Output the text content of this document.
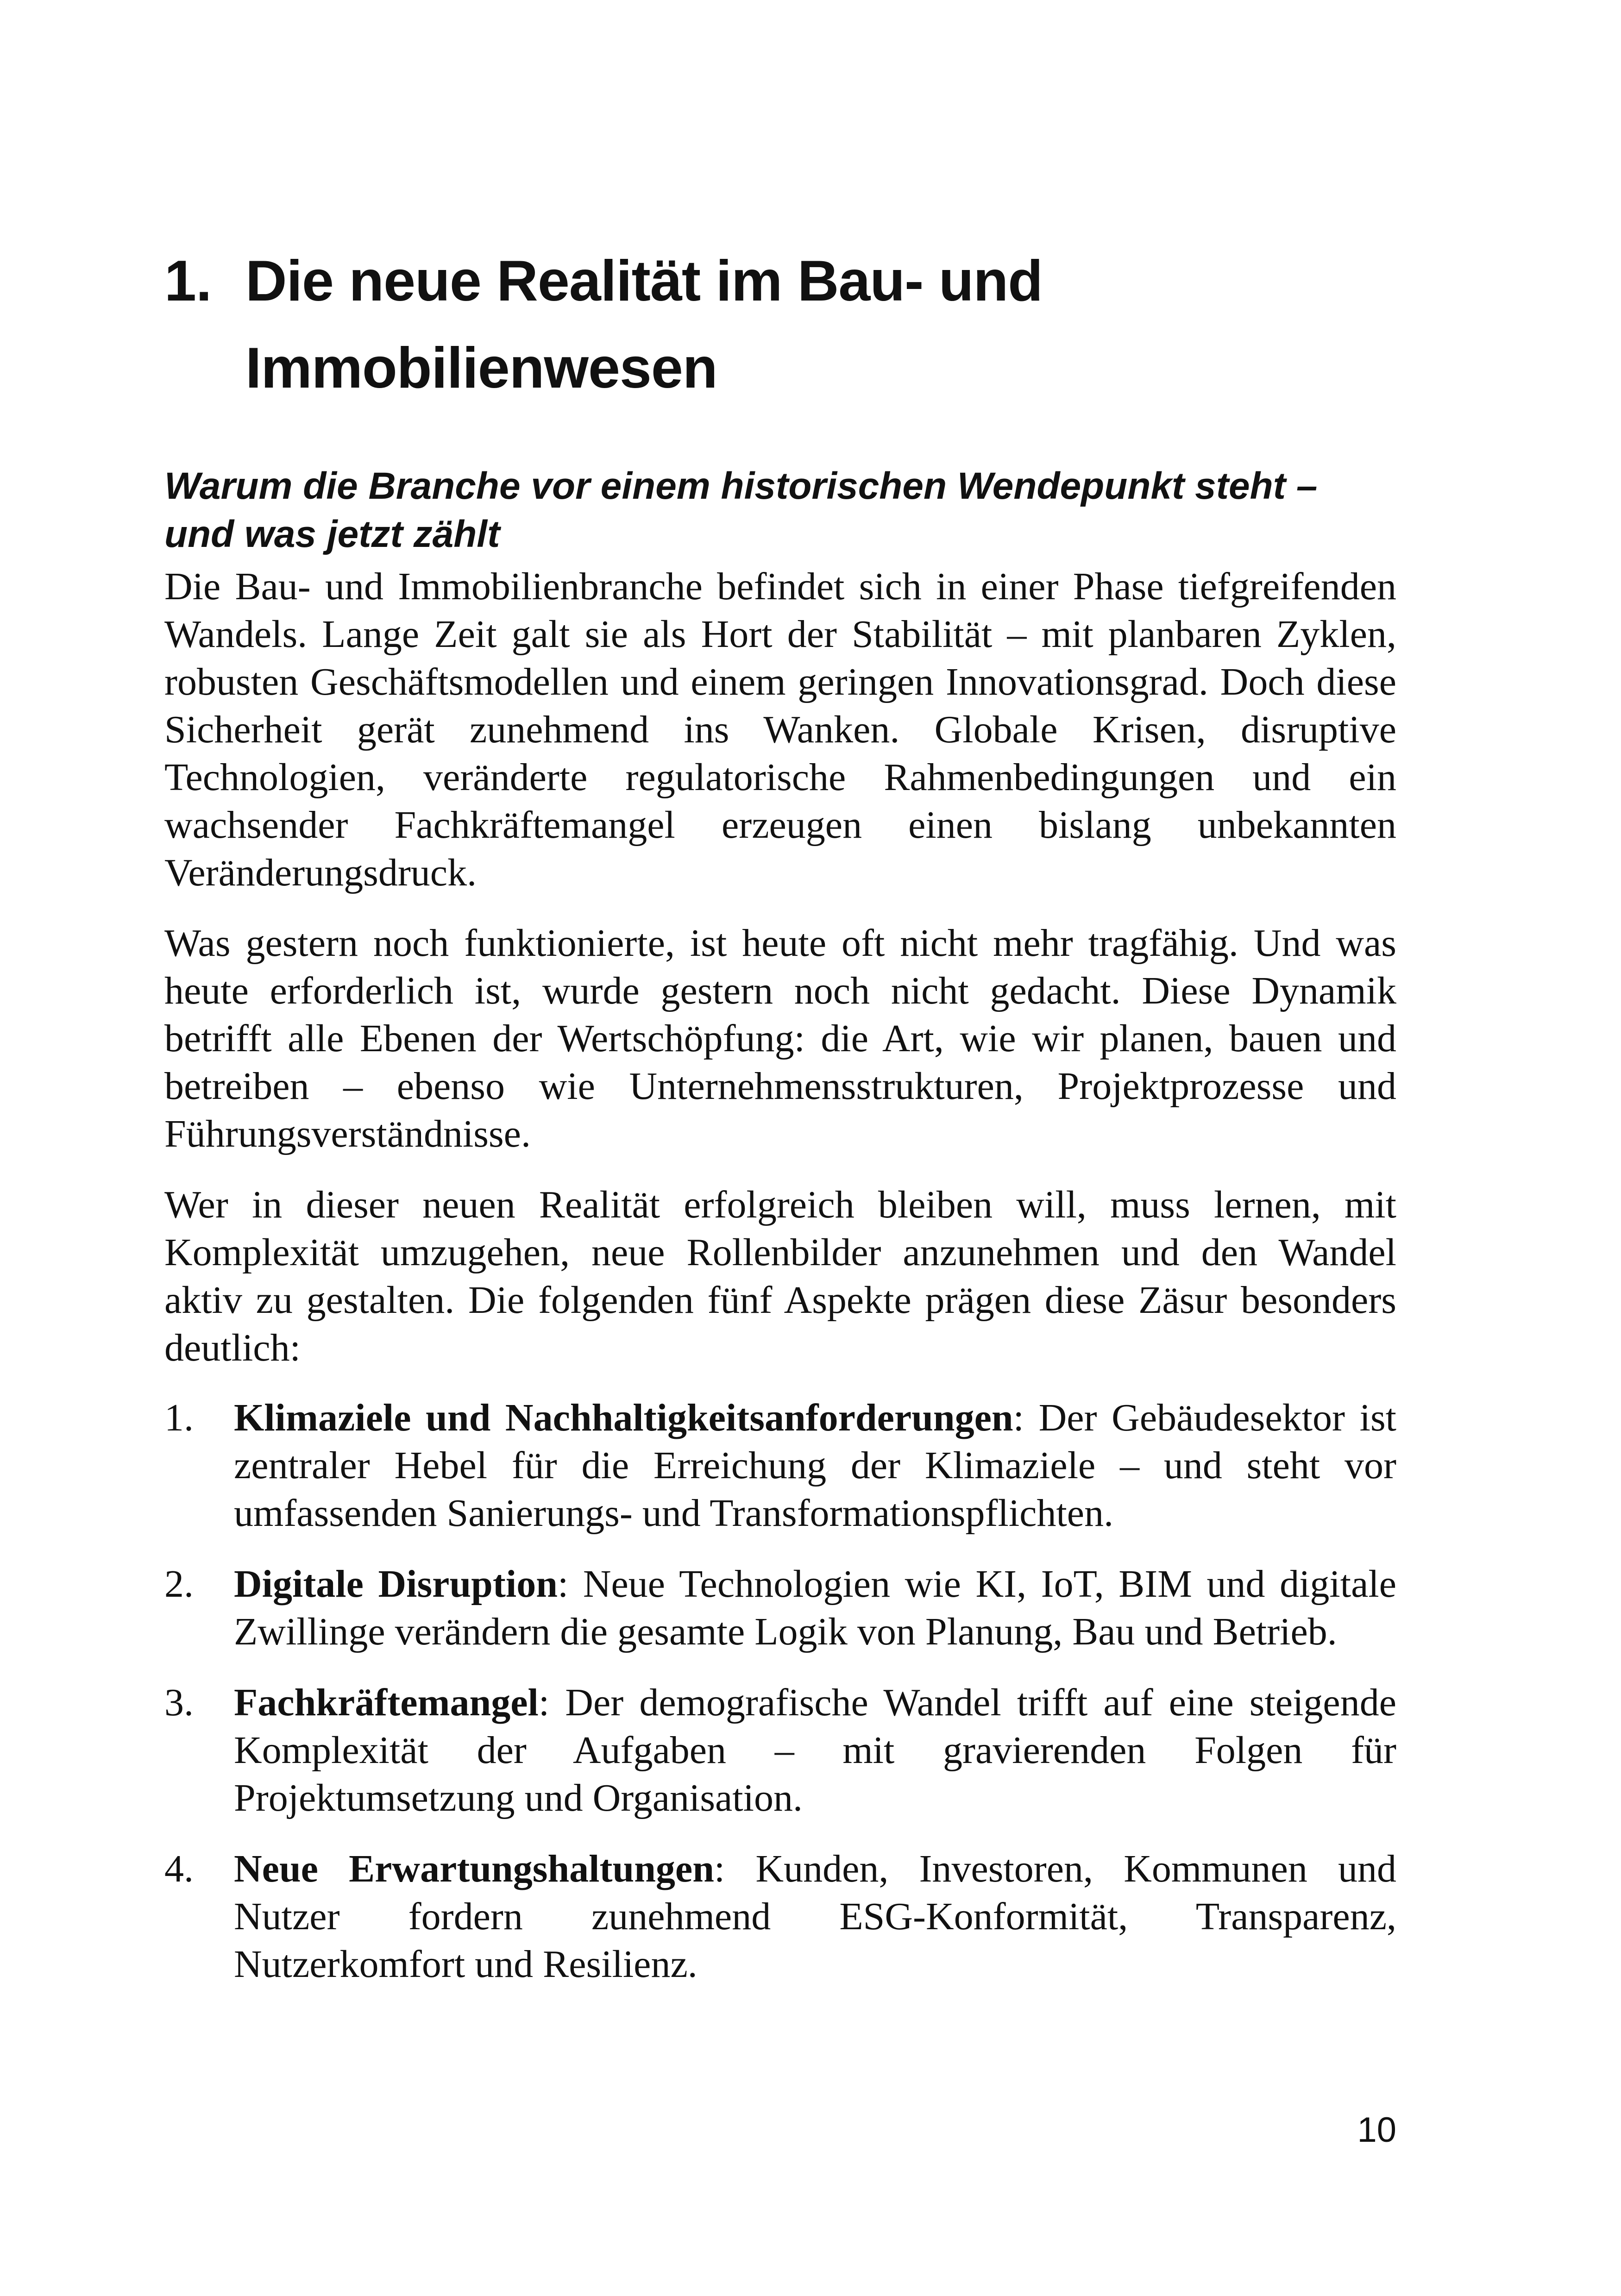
1. Die neue Realität im Bau- und Immobilienwesen
Warum die Branche vor einem historischen Wendepunkt steht – und was jetzt zählt

Die Bau- und Immobilienbranche befindet sich in einer Phase tiefgreifenden Wandels. Lange Zeit galt sie als Hort der Stabilität – mit planbaren Zyklen, robusten Geschäftsmodellen und einem geringen Innovationsgrad. Doch diese Sicherheit gerät zunehmend ins Wanken. Globale Krisen, disruptive Technologien, veränderte regulatorische Rahmenbedingungen und ein wachsender Fachkräftemangel erzeugen einen bislang unbekannten Veränderungsdruck.

Was gestern noch funktionierte, ist heute oft nicht mehr tragfähig. Und was heute erforderlich ist, wurde gestern noch nicht gedacht. Diese Dynamik betrifft alle Ebenen der Wertschöpfung: die Art, wie wir planen, bauen und betreiben – ebenso wie Unternehmensstrukturen, Projektprozesse und Führungsverständnisse.

Wer in dieser neuen Realität erfolgreich bleiben will, muss lernen, mit Komplexität umzugehen, neue Rollenbilder anzunehmen und den Wandel aktiv zu gestalten. Die folgenden fünf Aspekte prägen diese Zäsur besonders deutlich:

1. Klimaziele und Nachhaltigkeitsanforderungen: Der Gebäudesektor ist zentraler Hebel für die Erreichung der Klimaziele – und steht vor umfassenden Sanierungs- und Transformationspflichten.
2. Digitale Disruption: Neue Technologien wie KI, IoT, BIM und digitale Zwillinge verändern die gesamte Logik von Planung, Bau und Betrieb.
3. Fachkräftemangel: Der demografische Wandel trifft auf eine steigende Komplexität der Aufgaben – mit gravierenden Folgen für Projektumsetzung und Organisation.
4. Neue Erwartungshaltungen: Kunden, Investoren, Kommunen und Nutzer fordern zunehmend ESG-Konformität, Transparenz, Nutzerkomfort und Resilienz.
10
